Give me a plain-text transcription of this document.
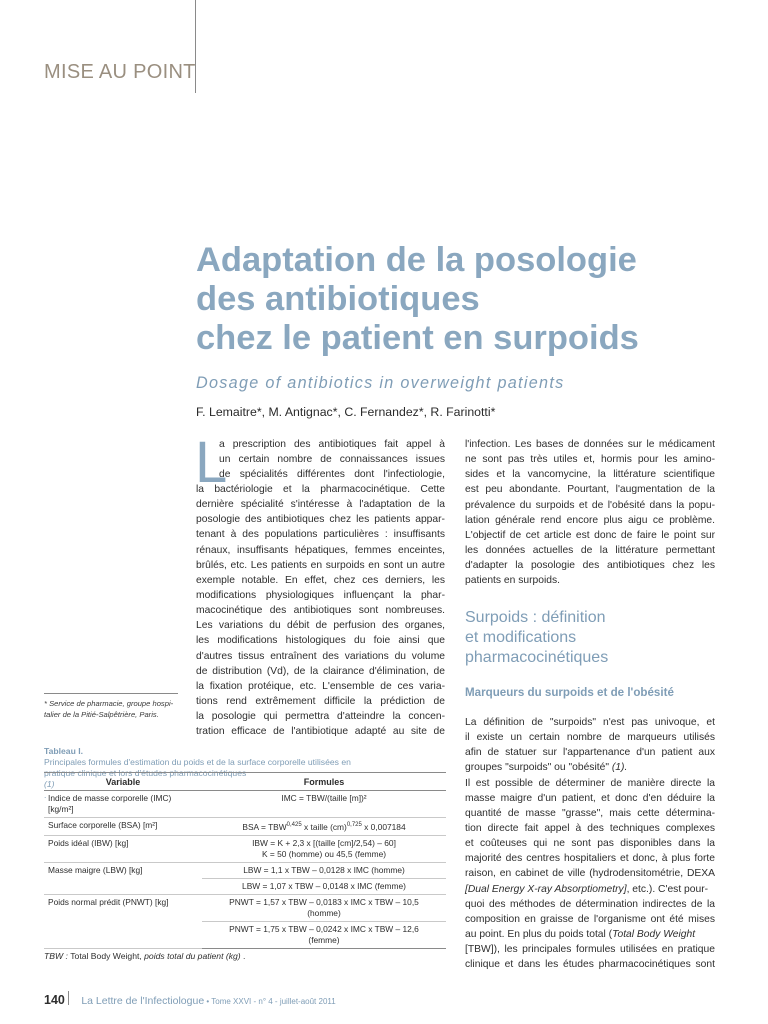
MISE AU POINT
Adaptation de la posologie
des antibiotiques
chez le patient en surpoids
Dosage of antibiotics in overweight patients
F. Lemaitre*, M. Antignac*, C. Fernandez*, R. Farinotti*
L
a prescription des antibiotiques fait appel à
un certain nombre de connaissances issues
de spécialités différentes dont l'infectiologie,
la bactériologie et la pharmacocinétique. Cette
dernière spécialité s'intéresse à l'adaptation de la
posologie des antibiotiques chez les patients appar-
tenant à des populations particulières : insuffisants
rénaux, insuffisants hépatiques, femmes enceintes,
brûlés, etc. Les patients en surpoids en sont un autre
exemple notable. En effet, chez ces derniers, les
modifications physiologiques influençant la phar-
macocinétique des antibiotiques sont nombreuses.
Les variations du débit de perfusion des organes,
les modifications histologiques du foie ainsi que
d'autres tissus entraînent des variations du volume
de distribution (Vd), de la clairance d'élimination, de
la fixation protéique, etc. L'ensemble de ces varia-
tions rend extrêmement difficile la prédiction de
la posologie qui permettra d'atteindre la concen-
tration efficace de l'antibiotique adapté au site de
* Service de pharmacie, groupe hospi-
talier de la Pitié-Salpêtrière, Paris.
l'infection. Les bases de données sur le médicament
ne sont pas très utiles et, hormis pour les amino-
sides et la vancomycine, la littérature scientifique
est peu abondante. Pourtant, l'augmentation de la
prévalence du surpoids et de l'obésité dans la popu-
lation générale rend encore plus aigu ce problème.
L'objectif de cet article est donc de faire le point sur
les données actuelles de la littérature permettant
d'adapter la posologie des antibiotiques chez les
patients en surpoids.
Surpoids : définition
et modifications
pharmacocinétiques
Marqueurs du surpoids et de l'obésité
La définition de "surpoids" n'est pas univoque, et
il existe un certain nombre de marqueurs utilisés
afin de statuer sur l'appartenance d'un patient aux
groupes "surpoids" ou "obésité" (1).
Il est possible de déterminer de manière directe la
masse maigre d'un patient, et donc d'en déduire la
quantité de masse "grasse", mais cette détermina-
tion directe fait appel à des techniques complexes
et coûteuses qui ne sont pas disponibles dans la
majorité des centres hospitaliers et donc, à plus forte
raison, en cabinet de ville (hydrodensitométrie, DEXA
[Dual Energy X-ray Absorptiometry], etc.). C'est pour-
quoi des méthodes de détermination indirectes de la
composition en graisse de l'organisme ont été mises
au point. En plus du poids total (Total Body Weight
[TBW]), les principales formules utilisées en pratique
clinique et dans les études pharmacocinétiques sont
Tableau I.
Principales formules d'estimation du poids et de la surface corporelle utilisées en
pratique clinique et lors d'études pharmacocinétiques
(1)
.
Variable	Formules
Indice de masse corporelle (IMC) [kg/m²]	IMC = TBW/(taille [m])²
Surface corporelle (BSA) [m²]	BSA = TBW$^{0,425}$ x taille (cm)$^{0,725}$ x 0,007184
Poids idéal (IBW) [kg]	IBW = K + 2,3 x [(taille [cm]/2,54) – 60]
K = 50 (homme) ou 45,5 (femme)
Masse maigre (LBW) [kg]	LBW = 1,1 x TBW – 0,0128 x IMC (homme)
	LBW = 1,07 x TBW – 0,0148 x IMC (femme)
Poids normal prédit (PNWT) [kg]	PNWT = 1,57 x TBW – 0,0183 x IMC x TBW – 10,5
(homme)
	PNWT = 1,75 x TBW – 0,0242 x IMC x TBW – 12,6
(femme)
TBW : Total Body Weight, poids total du patient (kg) .
140 La Lettre de l'Infectiologue • Tome XXVI - n° 4 - juillet-août 2011
